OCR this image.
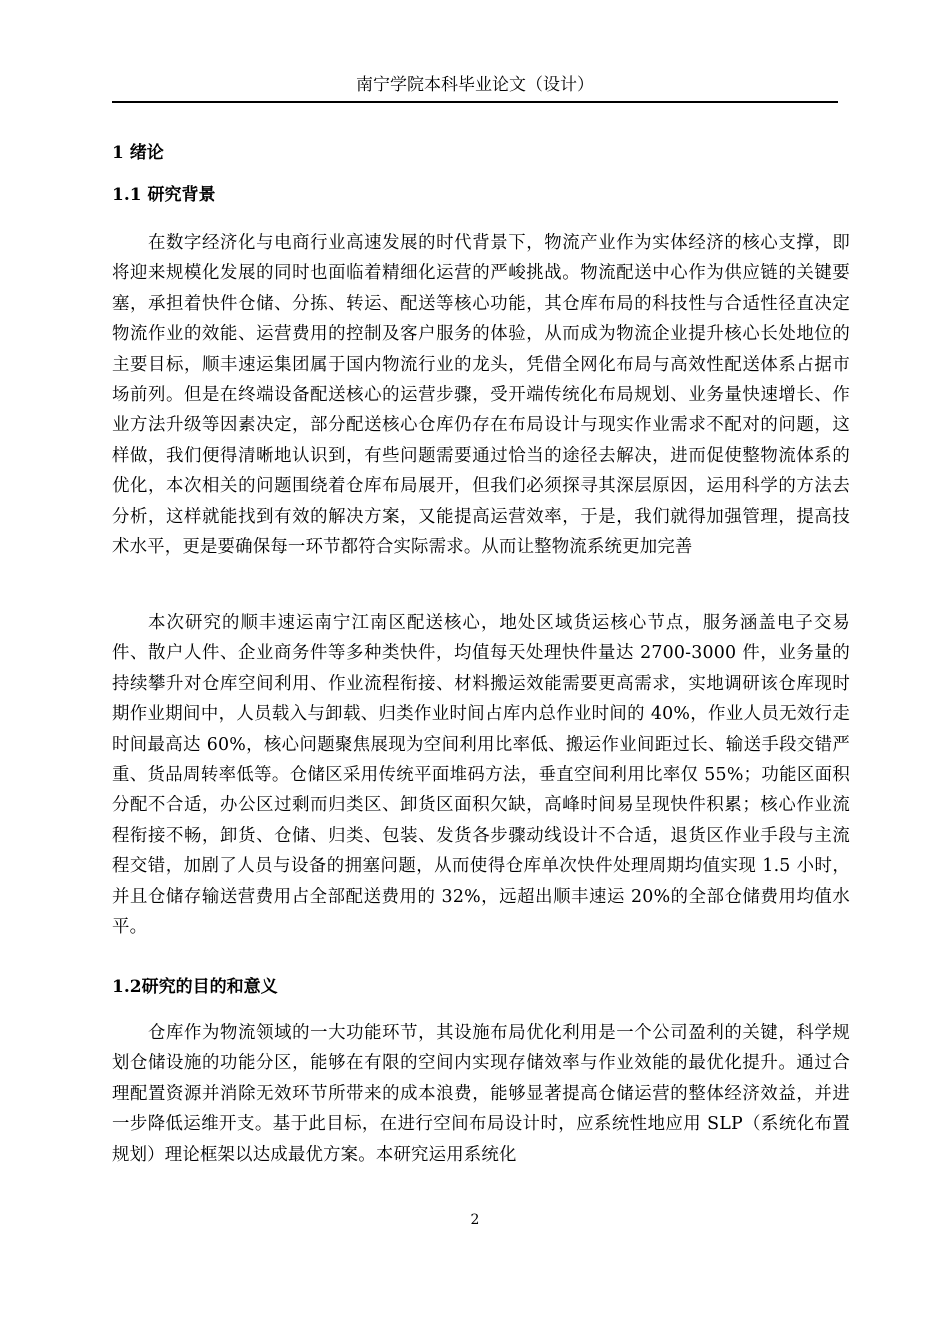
南宁学院本科毕业论文（设计）
1 绪论
1.1 研究背景

在数字经济化与电商行业高速发展的时代背景下，物流产业作为实体经济的核心支撑，即将迎来规模化发展的同时也面临着精细化运营的严峻挑战。物流配送中心作为供应链的关键要塞，承担着快件仓储、分拣、转运、配送等核心功能，其仓库布局的科技性与合适性径直决定物流作业的效能、运营费用的控制及客户服务的体验，从而成为物流企业提升核心长处地位的主要目标，顺丰速运集团属于国内物流行业的龙头，凭借全网化布局与高效性配送体系占据市场前列。但是在终端设备配送核心的运营步骤，受开端传统化布局规划、业务量快速增长、作业方法升级等因素决定，部分配送核心仓库仍存在布局设计与现实作业需求不配对的问题，这样做，我们便得清晰地认识到，有些问题需要通过恰当的途径去解决，进而促使整物流体系的优化，本次相关的问题围绕着仓库布局展开，但我们必须探寻其深层原因，运用科学的方法去分析，这样就能找到有效的解决方案，又能提高运营效率，于是，我们就得加强管理，提高技术水平，更是要确保每一环节都符合实际需求。从而让整物流系统更加完善

本次研究的顺丰速运南宁江南区配送核心，地处区域货运核心节点，服务涵盖电子交易件、散户人件、企业商务件等多种类快件，均值每天处理快件量达 2700-3000 件，业务量的持续攀升对仓库空间利用、作业流程衔接、材料搬运效能需要更高需求，实地调研该仓库现时期作业期间中，人员载入与卸载、归类作业时间占库内总作业时间的 40%，作业人员无效行走时间最高达 60%，核心问题聚焦展现为空间利用比率低、搬运作业间距过长、输送手段交错严重、货品周转率低等。仓储区采用传统平面堆码方法，垂直空间利用比率仅 55%；功能区面积分配不合适，办公区过剩而归类区、卸货区面积欠缺，高峰时间易呈现快件积累；核心作业流程衔接不畅，卸货、仓储、归类、包装、发货各步骤动线设计不合适，退货区作业手段与主流程交错，加剧了人员与设备的拥塞问题，从而使得仓库单次快件处理周期均值实现 1.5 小时，并且仓储存输送营费用占全部配送费用的 32%，远超出顺丰速运 20%的全部仓储费用均值水平。

1.2研究的目的和意义

仓库作为物流领域的一大功能环节，其设施布局优化利用是一个公司盈利的关键，科学规划仓储设施的功能分区，能够在有限的空间内实现存储效率与作业效能的最优化提升。通过合理配置资源并消除无效环节所带来的成本浪费，能够显著提高仓储运营的整体经济效益，并进一步降低运维开支。基于此目标，在进行空间布局设计时，应系统性地应用 SLP（系统化布置规划）理论框架以达成最优方案。本研究运用系统化

2
